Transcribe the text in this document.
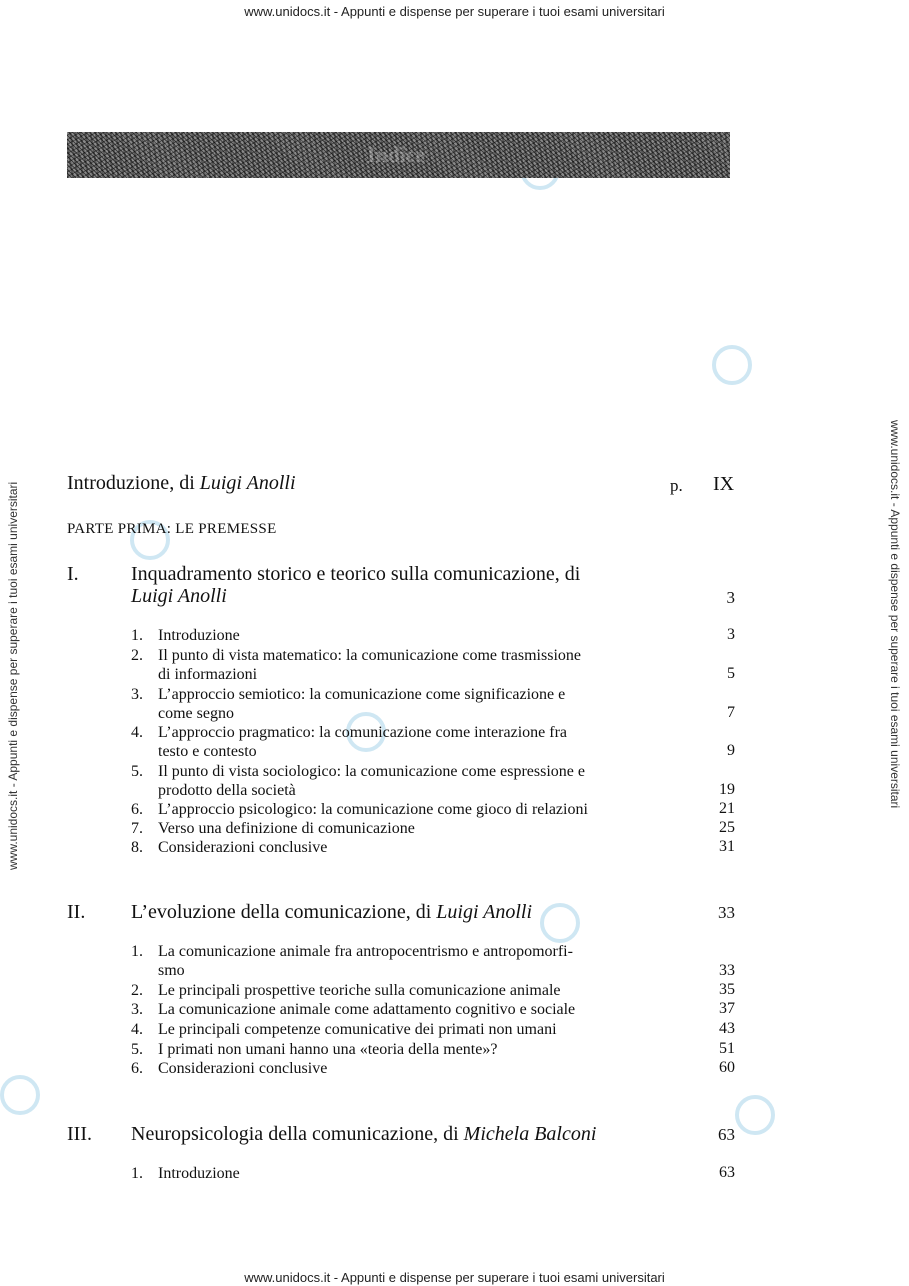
www.unidocs.it - Appunti e dispense per superare i tuoi esami universitari
www.unidocs.it - Appunti e dispense per superare i tuoi esami universitari
www.unidocs.it - Appunti e dispense per superare i tuoi esami universitari	www.unidocs.it - Appunti e dispense per superare i tuoi esami universitari
Indice
Introduzione, di Luigi Anolli	p. IX
PARTE PRIMA: LE PREMESSE
I.	Inquadramento storico e teorico sulla comunicazione, di
Luigi Anolli	3
1. Introduzione	3
2. Il punto di vista matematico: la comunicazione come trasmissione
di informazioni	5
3. L’approccio semiotico: la comunicazione come significazione e
come segno	7
4. L’approccio pragmatico: la comunicazione come interazione fra
testo e contesto	9
5. Il punto di vista sociologico: la comunicazione come espressione e
prodotto della società	19
6. L’approccio psicologico: la comunicazione come gioco di relazioni	21
7. Verso una definizione di comunicazione	25
8. Considerazioni conclusive	31
II. L’evoluzione della comunicazione, di Luigi Anolli	33
1. La comunicazione animale fra antropocentrismo e antropomorfi-
smo	33
2. Le principali prospettive teoriche sulla comunicazione animale	35
3. La comunicazione animale come adattamento cognitivo e sociale	37
4. Le principali competenze comunicative dei primati non umani	43
5. I primati non umani hanno una «teoria della mente»?	51
6. Considerazioni conclusive	60
III. Neuropsicologia della comunicazione, di Michela Balconi	63
1. Introduzione	63
